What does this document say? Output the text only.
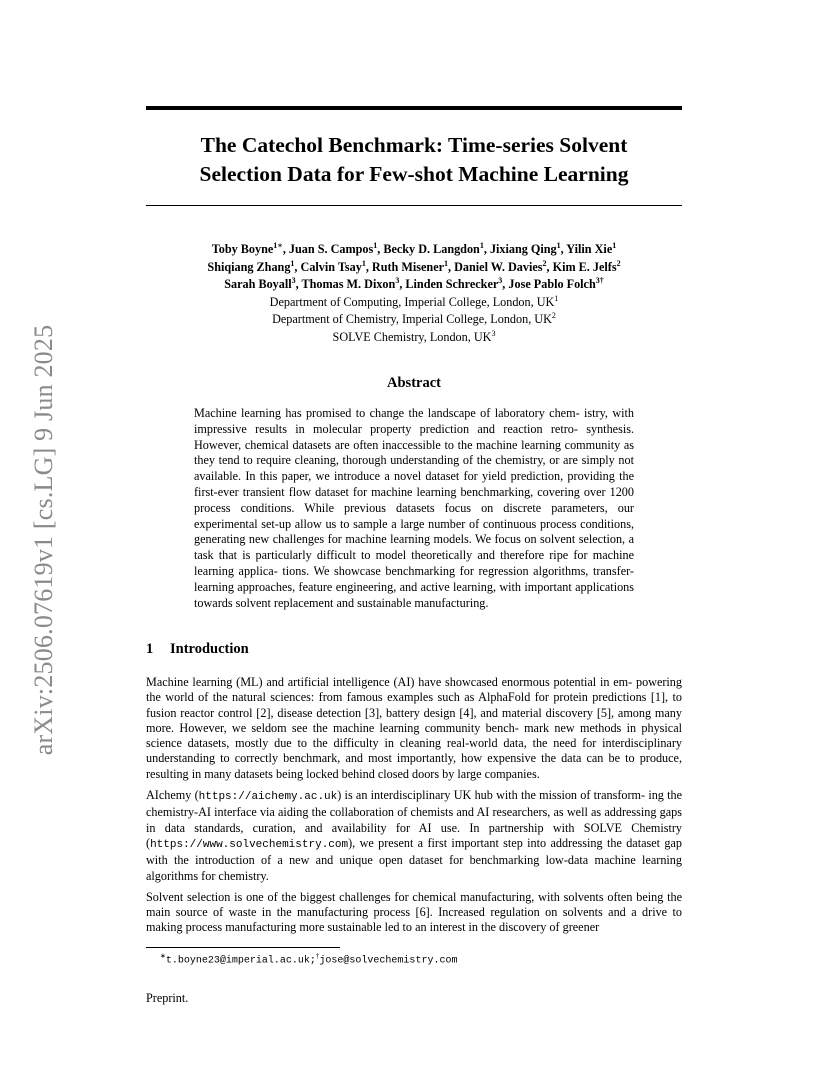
arXiv:2506.07619v1 [cs.LG] 9 Jun 2025
The Catechol Benchmark: Time-series Solvent
Selection Data for Few-shot Machine Learning
Toby Boyne$^{1∗}$, Juan S. Campos$^1$, Becky D. Langdon$^1$, Jixiang Qing$^1$, Yilin Xie$^1$
Shiqiang Zhang$^1$, Calvin Tsay$^1$, Ruth Misener$^1$, Daniel W. Davies$^2$, Kim E. Jelfs$^2$
Sarah Boyall$^3$, Thomas M. Dixon$^3$, Linden Schrecker$^3$, Jose Pablo Folch$^{3\dagger}$
Department of Computing, Imperial College, London, $UK^1$
Department of Chemistry, Imperial College, London, $UK^2$
SOLVE Chemistry, London, $UK^3$
Abstract
Machine learning has promised to change the landscape of laboratory chem- istry, with impressive results in molecular property prediction and reaction retro- synthesis. However, chemical datasets are often inaccessible to the machine learning community as they tend to require cleaning, thorough understanding of the chemistry, or are simply not available. In this paper, we introduce a novel dataset for yield prediction, providing the first-ever transient flow dataset for machine learning benchmarking, covering over 1200 process conditions. While previous datasets focus on discrete parameters, our experimental set-up allow us to sample a large number of continuous process conditions, generating new challenges for machine learning models. We focus on solvent selection, a task that is particularly difficult to model theoretically and therefore ripe for machine learning applica- tions. We showcase benchmarking for regression algorithms, transfer-learning approaches, feature engineering, and active learning, with important applications towards solvent replacement and sustainable manufacturing.
1 Introduction

Machine learning (ML) and artificial intelligence (AI) have showcased enormous potential in em- powering the world of the natural sciences: from famous examples such as AlphaFold for protein predictions [1], to fusion reactor control [2], disease detection [3], battery design [4], and material discovery [5], among many more. However, we seldom see the machine learning community bench- mark new methods in physical science datasets, mostly due to the difficulty in cleaning real-world data, the need for interdisciplinary understanding to correctly benchmark, and most importantly, how expensive the data can be to produce, resulting in many datasets being locked behind closed doors by large companies.

AIchemy (https://aichemy.ac.uk) is an interdisciplinary UK hub with the mission of transform- ing the chemistry-AI interface via aiding the collaboration of chemists and AI researchers, as well as addressing gaps in data standards, curation, and availability for AI use. In partnership with SOLVE Chemistry (https://www.solvechemistry.com), we present a first important step into addressing the dataset gap with the introduction of a new and unique open dataset for benchmarking low-data machine learning algorithms for chemistry.

Solvent selection is one of the biggest challenges for chemical manufacturing, with solvents often being the main source of waste in the manufacturing process [6]. Increased regulation on solvents and a drive to making process manufacturing more sustainable led to an interest in the discovery of greener

∗t.boyne23@imperial.ac.uk;†jose@solvechemistry.com
Preprint.
